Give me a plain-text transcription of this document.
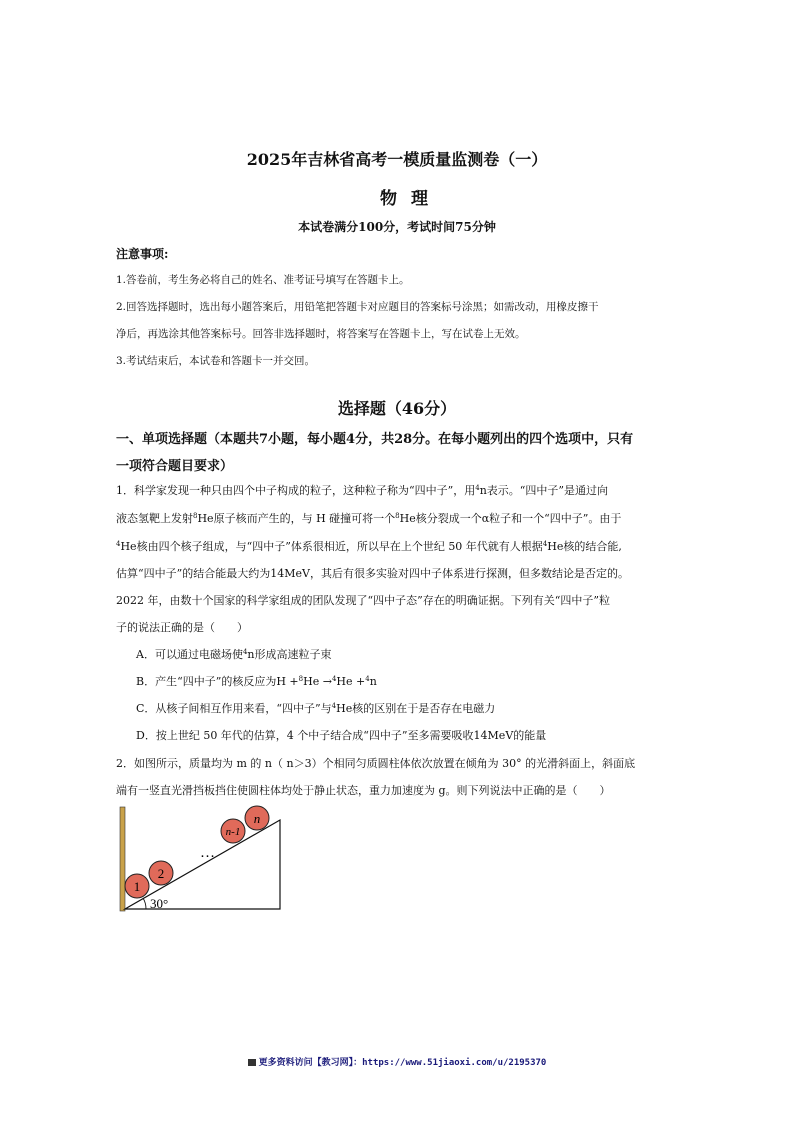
2025年吉林省高考一模质量监测卷（一）
物理
本试卷满分100分，考试时间75分钟
注意事项:
1.答卷前，考生务必将自己的姓名、准考证号填写在答题卡上。
2.回答选择题时，选出每小题答案后，用铅笔把答题卡对应题目的答案标号涂黑；如需改动，用橡皮擦干
净后，再选涂其他答案标号。回答非选择题时，将答案写在答题卡上，写在试卷上无效。
3.考试结束后，本试卷和答题卡一并交回。
选择题（46分）
一、单项选择题（本题共7小题，每小题4分，共28分。在每小题列出的四个选项中，只有
一项符合题目要求）
1．科学家发现一种只由四个中子构成的粒子，这种粒子称为“四中子”，用$^4$n表示。“四中子”是通过向
液态氢靶上发射$^8$He原子核而产生的，与 H 碰撞可将一个$^8$He核分裂成一个α粒子和一个“四中子”。由于
$^4$He核由四个核子组成，与“四中子”体系很相近，所以早在上个世纪 50 年代就有人根据$^4$He核的结合能,
估算“四中子”的结合能最大约为14MeV，其后有很多实验对四中子体系进行探测，但多数结论是否定的。
2022 年，由数十个国家的科学家组成的团队发现了“四中子态”存在的明确证据。下列有关“四中子”粒
子的说法正确的是（　　）
A．可以通过电磁场使$^4$n形成高速粒子束
B．产生“四中子”的核反应为H +$^8$He →$^4$He +$^4$n
C．从核子间相互作用来看，“四中子”与$^4$He核的区别在于是否存在电磁力
D．按上世纪 50 年代的估算，4 个中子结合成“四中子”至多需要吸收14MeV的能量
2．如图所示，质量均为 m 的 n（ n＞3）个相同匀质圆柱体依次放置在倾角为 30° 的光滑斜面上，斜面底
端有一竖直光滑挡板挡住使圆柱体均处于静止状态，重力加速度为 g。则下列说法中正确的是（　　）
30°
1
2
…
n-1
n
更多资料访问【教习网】：https://www.51jiaoxi.com/u/2195370
